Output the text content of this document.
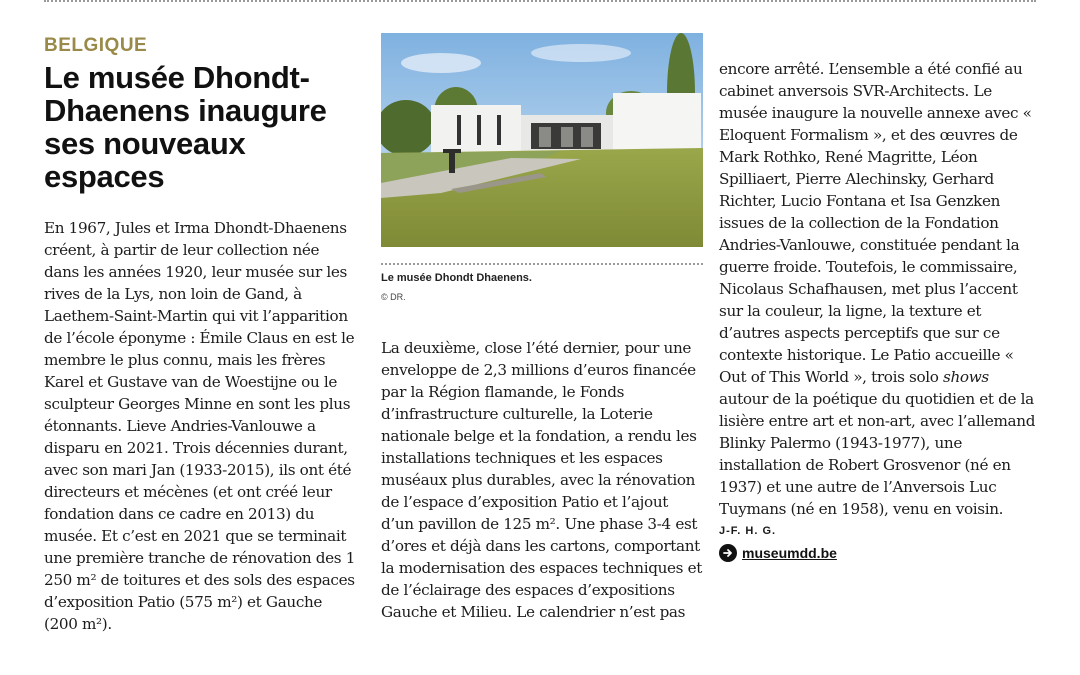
BELGIQUE
Le musée Dhondt-Dhaenens inaugure ses nouveaux espaces

En 1967, Jules et Irma Dhondt-Dhaenens créent, à partir de leur collection née dans les années 1920, leur musée sur les rives de la Lys, non loin de Gand, à Laethem-Saint-Martin qui vit l’apparition de l’école éponyme : Émile Claus en est le membre le plus connu, mais les frères Karel et Gustave van de Woestijne ou le sculpteur Georges Minne en sont les plus étonnants. Lieve Andries-Vanlouwe a disparu en 2021. Trois décennies durant, avec son mari Jan (1933-2015), ils ont été directeurs et mécènes (et ont créé leur fondation dans ce cadre en 2013) du musée. Et c’est en 2021 que se terminait une première tranche de rénovation des 1 250 m² de toitures et des sols des espaces d’exposition Patio (575 m²) et Gauche (200 m²).

Le musée Dhondt Dhaenens.
© DR.

La deuxième, close l’été dernier, pour une enveloppe de 2,3 millions d’euros financée par la Région flamande, le Fonds d’infrastructure culturelle, la Loterie nationale belge et la fondation, a rendu les installations techniques et les espaces muséaux plus durables, avec la rénovation de l’espace d’exposition Patio et l’ajout d’un pavillon de 125 m². Une phase 3-4 est d’ores et déjà dans les cartons, comportant la modernisation des espaces techniques et de l’éclairage des espaces d’expositions Gauche et Milieu. Le calendrier n’est pas

encore arrêté. L’ensemble a été confié au cabinet anversois SVR-Architects. Le musée inaugure la nouvelle annexe avec « Eloquent Formalism », et des œuvres de Mark Rothko, René Magritte, Léon Spilliaert, Pierre Alechinsky, Gerhard Richter, Lucio Fontana et Isa Genzken issues de la collection de la Fondation Andries-Vanlouwe, constituée pendant la guerre froide. Toutefois, le commissaire, Nicolaus Schafhausen, met plus l’accent sur la couleur, la ligne, la texture et d’autres aspects perceptifs que sur ce contexte historique. Le Patio accueille « Out of This World », trois solo shows autour de la poétique du quotidien et de la lisière entre art et non-art, avec l’allemand Blinky Palermo (1943-1977), une installation de Robert Grosvenor (né en 1937) et une autre de l’Anversois Luc Tuymans (né en 1958), venu en voisin.

J-F. H. G.
museumdd.be
